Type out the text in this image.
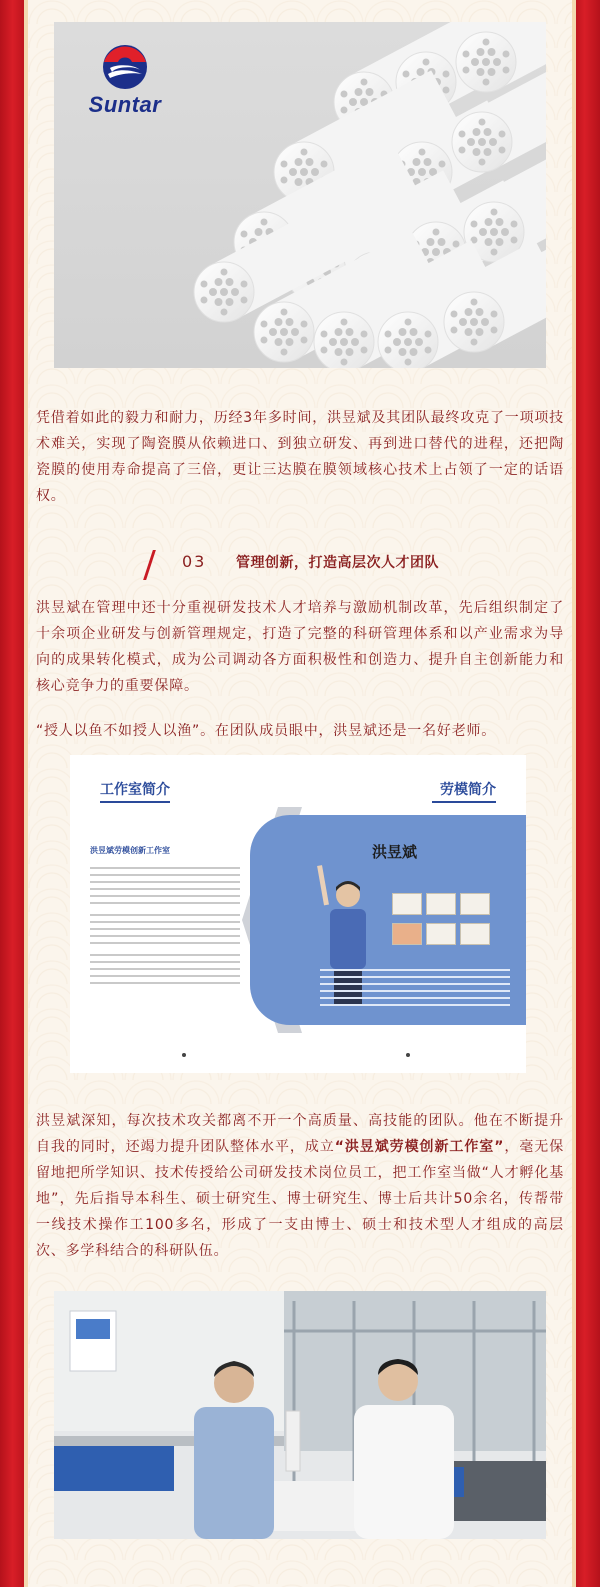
Suntar

凭借着如此的毅力和耐力，历经3年多时间，洪昱斌及其团队最终攻克了一项项技术难关，实现了陶瓷膜从依赖进口、到独立研发、再到进口替代的进程，还把陶瓷膜的使用寿命提高了三倍，更让三达膜在膜领域核心技术上占领了一定的话语权。

03 管理创新，打造高层次人才团队

洪昱斌在管理中还十分重视研发技术人才培养与激励机制改革，先后组织制定了十余项企业研发与创新管理规定，打造了完整的科研管理体系和以产业需求为导向的成果转化模式，成为公司调动各方面积极性和创造力、提升自主创新能力和核心竞争力的重要保障。

“授人以鱼不如授人以渔”。在团队成员眼中，洪昱斌还是一名好老师。

工作室简介	劳模简介
洪昱斌劳模创新工作室	洪昱斌

洪昱斌深知，每次技术攻关都离不开一个高质量、高技能的团队。他在不断提升自我的同时，还竭力提升团队整体水平，成立“洪昱斌劳模创新工作室”，毫无保留地把所学知识、技术传授给公司研发技术岗位员工，把工作室当做“人才孵化基地”，先后指导本科生、硕士研究生、博士研究生、博士后共计50余名，传帮带一线技术操作工100多名，形成了一支由博士、硕士和技术型人才组成的高层次、多学科结合的科研队伍。
